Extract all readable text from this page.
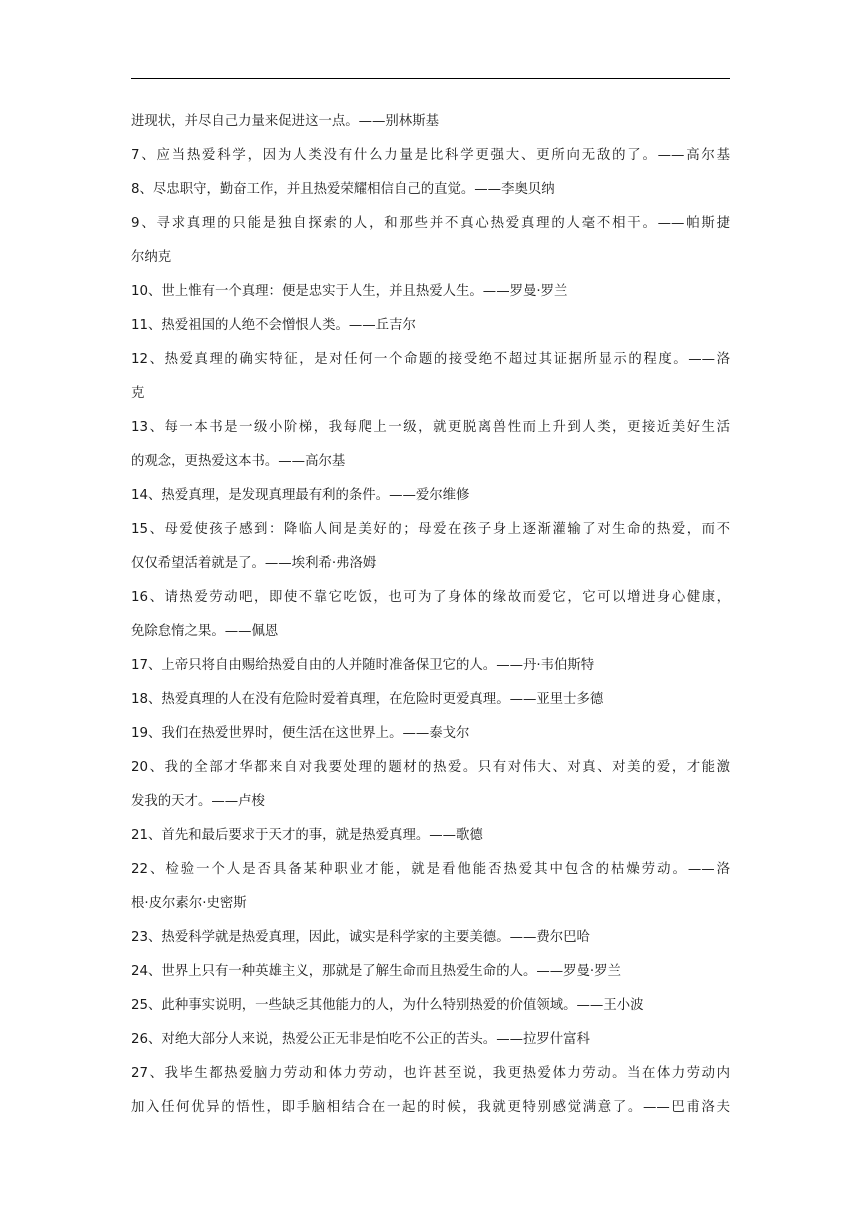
进现状，并尽自己力量来促进这一点。——别林斯基
7、应当热爱科学，因为人类没有什么力量是比科学更强大、更所向无敌的了。——高尔基
8、尽忠职守，勤奋工作，并且热爱荣耀相信自己的直觉。——李奥贝纳
9、寻求真理的只能是独自探索的人，和那些并不真心热爱真理的人毫不相干。——帕斯捷
尔纳克
10、世上惟有一个真理：便是忠实于人生，并且热爱人生。——罗曼·罗兰
11、热爱祖国的人绝不会憎恨人类。——丘吉尔
12、热爱真理的确实特征，是对任何一个命题的接受绝不超过其证据所显示的程度。——洛
克
13、每一本书是一级小阶梯，我每爬上一级，就更脱离兽性而上升到人类，更接近美好生活
的观念，更热爱这本书。——高尔基
14、热爱真理，是发现真理最有利的条件。——爱尔维修
15、母爱使孩子感到：降临人间是美好的；母爱在孩子身上逐渐灌输了对生命的热爱，而不
仅仅希望活着就是了。——埃利希·弗洛姆
16、请热爱劳动吧，即使不靠它吃饭，也可为了身体的缘故而爱它，它可以增进身心健康，
免除怠惰之果。——佩恩
17、上帝只将自由赐给热爱自由的人并随时准备保卫它的人。——丹·韦伯斯特
18、热爱真理的人在没有危险时爱着真理，在危险时更爱真理。——亚里士多德
19、我们在热爱世界时，便生活在这世界上。——泰戈尔
20、我的全部才华都来自对我要处理的题材的热爱。只有对伟大、对真、对美的爱，才能激
发我的天才。——卢梭
21、首先和最后要求于天才的事，就是热爱真理。——歌德
22、检验一个人是否具备某种职业才能，就是看他能否热爱其中包含的枯燥劳动。——洛
根·皮尔素尔·史密斯
23、热爱科学就是热爱真理，因此，诚实是科学家的主要美德。——费尔巴哈
24、世界上只有一种英雄主义，那就是了解生命而且热爱生命的人。——罗曼·罗兰
25、此种事实说明，一些缺乏其他能力的人，为什么特别热爱的价值领域。——王小波
26、对绝大部分人来说，热爱公正无非是怕吃不公正的苦头。——拉罗什富科
27、我毕生都热爱脑力劳动和体力劳动，也许甚至说，我更热爱体力劳动。当在体力劳动内
加入任何优异的悟性，即手脑相结合在一起的时候，我就更特别感觉满意了。——巴甫洛夫
